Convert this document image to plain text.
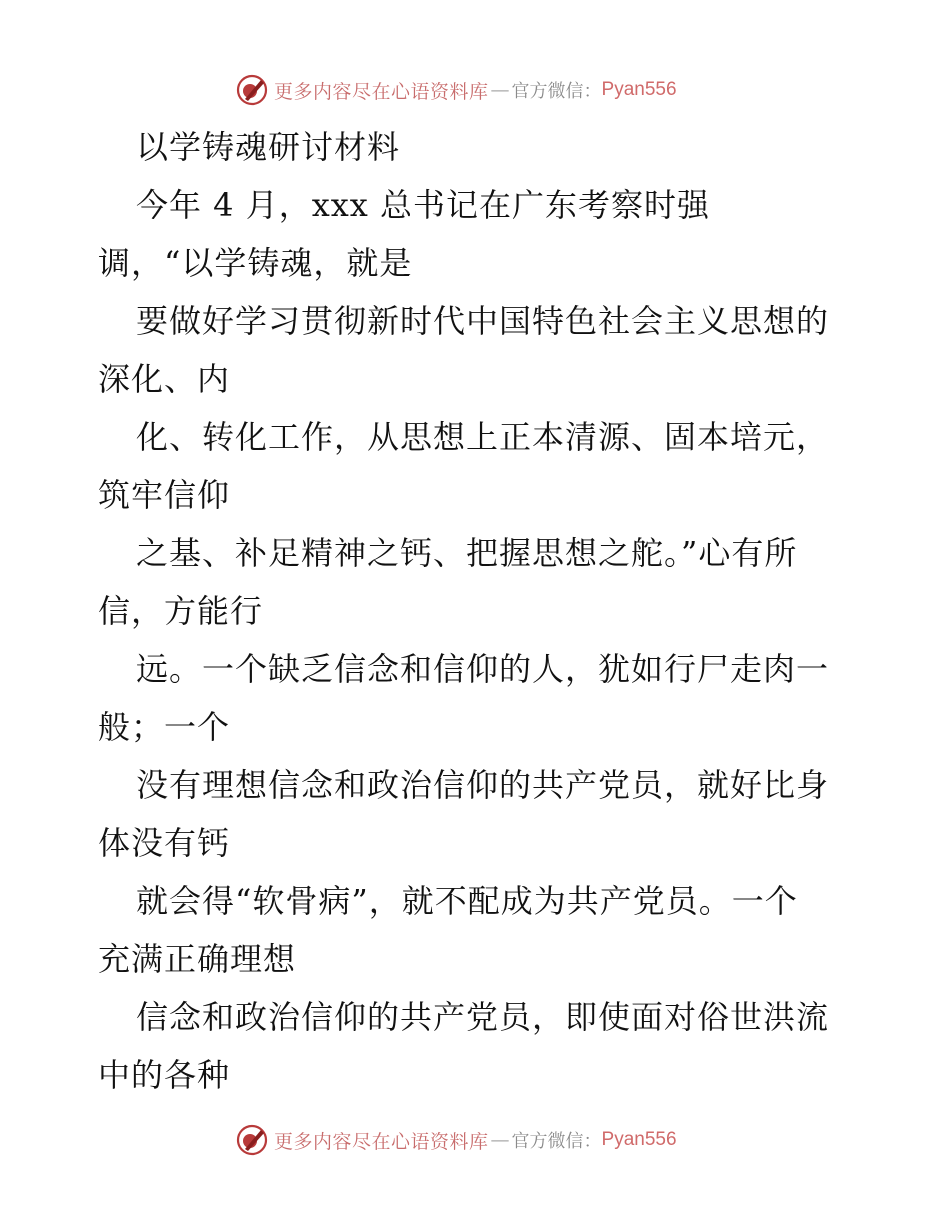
更多内容尽在心语资料库 — 官方微信： Pyan556
以学铸魂研讨材料
今年 4 月，xxx 总书记在广东考察时强
调，“以学铸魂，就是
要做好学习贯彻新时代中国特色社会主义思想的
深化、内
化、转化工作，从思想上正本清源、固本培元，
筑牢信仰
之基、补足精神之钙、把握思想之舵。”心有所
信，方能行
远。一个缺乏信念和信仰的人，犹如行尸走肉一
般；一个
没有理想信念和政治信仰的共产党员，就好比身
体没有钙
就会得“软骨病”，就不配成为共产党员。一个
充满正确理想
信念和政治信仰的共产党员，即使面对俗世洪流
中的各种
更多内容尽在心语资料库 — 官方微信： Pyan556
